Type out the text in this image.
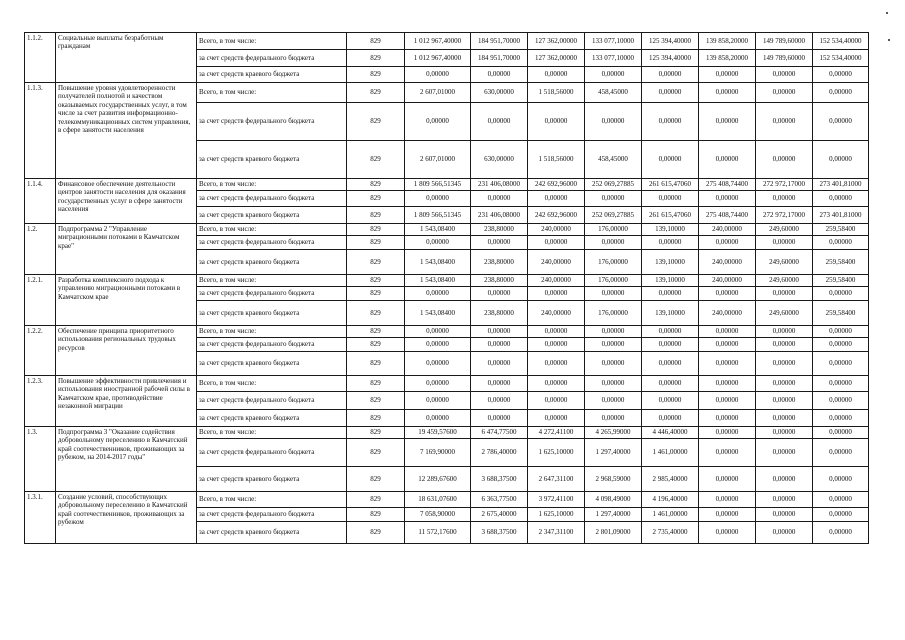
1.1.2.	Социальные выплаты безработным гражданам	Всего, в том числе:	829	1 012 967,40000	184 951,70000	127 362,00000	133 077,10000	125 394,40000	139 858,20000	149 789,60000	152 534,40000
		за счет средств федерального бюджета	829	1 012 967,40000	184 951,70000	127 362,00000	133 077,10000	125 394,40000	139 858,20000	149 789,60000	152 534,40000
		за счет средств краевого бюджета	829	0,00000	0,00000	0,00000	0,00000	0,00000	0,00000	0,00000	0,00000
1.1.3.	Повышение уровня удовлетворенности получателей полнотой и качеством оказываемых государственных услуг, в том числе за счет развития информационно-телекоммуникационных систем управления, в сфере занятости населения	Всего, в том числе:	829	2 607,01000	630,00000	1 518,56000	458,45000	0,00000	0,00000	0,00000	0,00000
		за счет средств федерального бюджета	829	0,00000	0,00000	0,00000	0,00000	0,00000	0,00000	0,00000	0,00000
		за счет средств краевого бюджета	829	2 607,01000	630,00000	1 518,56000	458,45000	0,00000	0,00000	0,00000	0,00000
1.1.4.	Финансовое обеспечение деятельности центров занятости населения для оказания государственных услуг в сфере занятости населения	Всего, в том числе:	829	1 809 566,51345	231 406,08000	242 692,96000	252 069,27885	261 615,47060	275 408,74400	272 972,17000	273 401,81000
		за счет средств федерального бюджета	829	0,00000	0,00000	0,00000	0,00000	0,00000	0,00000	0,00000	0,00000
		за счет средств краевого бюджета	829	1 809 566,51345	231 406,08000	242 692,96000	252 069,27885	261 615,47060	275 408,74400	272 972,17000	273 401,81000
1.2.	Подпрограмма 2 "Управление миграционными потоками в Камчатском крае"	Всего, в том числе:	829	1 543,08400	238,80000	240,00000	176,00000	139,10000	240,00000	249,60000	259,58400
		за счет средств федерального бюджета	829	0,00000	0,00000	0,00000	0,00000	0,00000	0,00000	0,00000	0,00000
		за счет средств краевого бюджета	829	1 543,08400	238,80000	240,00000	176,00000	139,10000	240,00000	249,60000	259,58400
1.2.1.	Разработка комплексного подхода к управлению миграционными потоками в Камчатском крае	Всего, в том числе:	829	1 543,08400	238,80000	240,00000	176,00000	139,10000	240,00000	249,60000	259,58400
		за счет средств федерального бюджета	829	0,00000	0,00000	0,00000	0,00000	0,00000	0,00000	0,00000	0,00000
		за счет средств краевого бюджета	829	1 543,08400	238,80000	240,00000	176,00000	139,10000	240,00000	249,60000	259,58400
1.2.2.	Обеспечение принципа приоритетного использования региональных трудовых ресурсов	Всего, в том числе:	829	0,00000	0,00000	0,00000	0,00000	0,00000	0,00000	0,00000	0,00000
		за счет средств федерального бюджета	829	0,00000	0,00000	0,00000	0,00000	0,00000	0,00000	0,00000	0,00000
		за счет средств краевого бюджета	829	0,00000	0,00000	0,00000	0,00000	0,00000	0,00000	0,00000	0,00000
1.2.3.	Повышение эффективности привлечения и использования иностранной рабочей силы в Камчатском крае, противодействие незаконной миграции	Всего, в том числе:	829	0,00000	0,00000	0,00000	0,00000	0,00000	0,00000	0,00000	0,00000
		за счет средств федерального бюджета	829	0,00000	0,00000	0,00000	0,00000	0,00000	0,00000	0,00000	0,00000
		за счет средств краевого бюджета	829	0,00000	0,00000	0,00000	0,00000	0,00000	0,00000	0,00000	0,00000
1.3.	Подпрограмма 3 "Оказание содействия добровольному переселению в Камчатский край соотечественников, проживающих за рубежом, на 2014-2017 годы"	Всего, в том числе:	829	19 459,57600	6 474,77500	4 272,41100	4 265,99000	4 446,40000	0,00000	0,00000	0,00000
		за счет средств федерального бюджета	829	7 169,90000	2 786,40000	1 625,10000	1 297,40000	1 461,00000	0,00000	0,00000	0,00000
		за счет средств краевого бюджета	829	12 289,67600	3 688,37500	2 647,31100	2 968,59000	2 985,40000	0,00000	0,00000	0,00000
1.3.1.	Создание условий, способствующих добровольному переселению в Камчатский край соотечественников, проживающих за рубежом	Всего, в том числе:	829	18 631,07600	6 363,77500	3 972,41100	4 098,49000	4 196,40000	0,00000	0,00000	0,00000
		за счет средств федерального бюджета	829	7 058,90000	2 675,40000	1 625,10000	1 297,40000	1 461,00000	0,00000	0,00000	0,00000
		за счет средств краевого бюджета	829	11 572,17600	3 688,37500	2 347,31100	2 801,09000	2 735,40000	0,00000	0,00000	0,00000
